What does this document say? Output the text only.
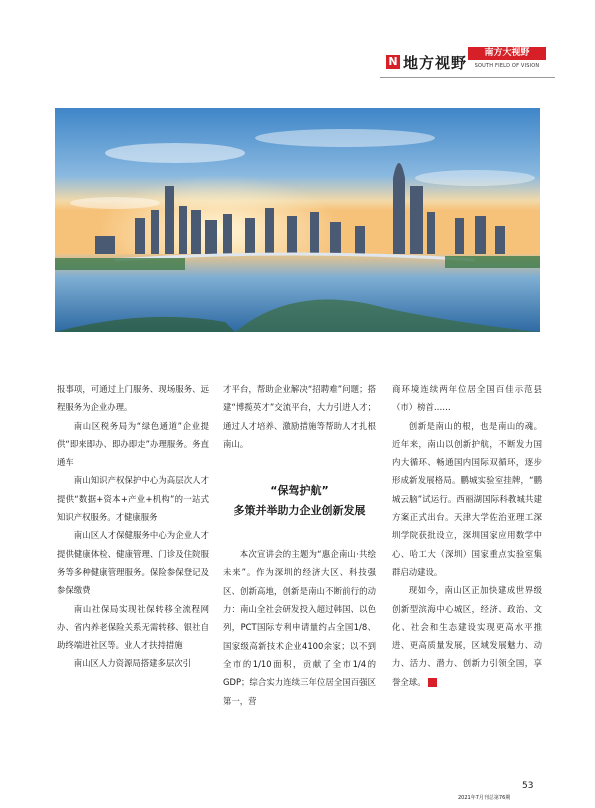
N 地方视野
南方大视野
SOUTH FIELD OF VISION

报事项，可通过上门服务、现场服务、远程服务为企业办理。

南山区税务局为“绿色通道”企业提供“即来即办、即办即走”办理服务。务直通车

南山知识产权保护中心为高层次人才提供“数据+资本+产业+机构”的一站式知识产权服务。才健康服务

南山区人才保健服务中心为企业人才提供健康体检、健康管理、门诊及住院服务等多种健康管理服务。保险参保登记及参保缴费

南山社保局实现社保转移全流程网办、省内养老保险关系无需转移、银社自助终端进社区等。业人才扶持措施

南山区人力资源局搭建多层次引

才平台，帮助企业解决“招聘难”问题；搭建“博揽英才”交流平台，大力引进人才；通过人才培养、激励措施等帮助人才扎根南山。

“保驾护航”
多策并举助力企业创新发展

本次宣讲会的主题为“惠企南山·共绘未来”。作为深圳的经济大区、科技强区、创新高地，创新是南山不断前行的动力：南山全社会研发投入超过韩国、以色列，PCT国际专利申请量约占全国1/8、国家级高新技术企业4100余家；以不到全市的1/10面积，贡献了全市1/4的GDP；综合实力连续三年位居全国百强区第一，营

商环境连续两年位居全国百佳示范县（市）榜首……

创新是南山的根，也是南山的魂。近年来，南山以创新护航，不断发力国内大循环、畅通国内国际双循环，逐步形成新发展格局。鹏城实验室挂牌，“鹏城云脑”试运行。西丽湖国际科教城共建方案正式出台。天津大学佐治亚理工深圳学院获批设立，深圳国家应用数学中心、哈工大（深圳）国家重点实验室集群启动建设。

现如今，南山区正加快建成世界级创新型滨海中心城区，经济、政治、文化、社会和生态建设实现更高水平推进、更高质量发展，区域发展魅力、动力、活力、潜力、创新力引领全国，享誉全球。	N

53
2021年7月刊总第76期
